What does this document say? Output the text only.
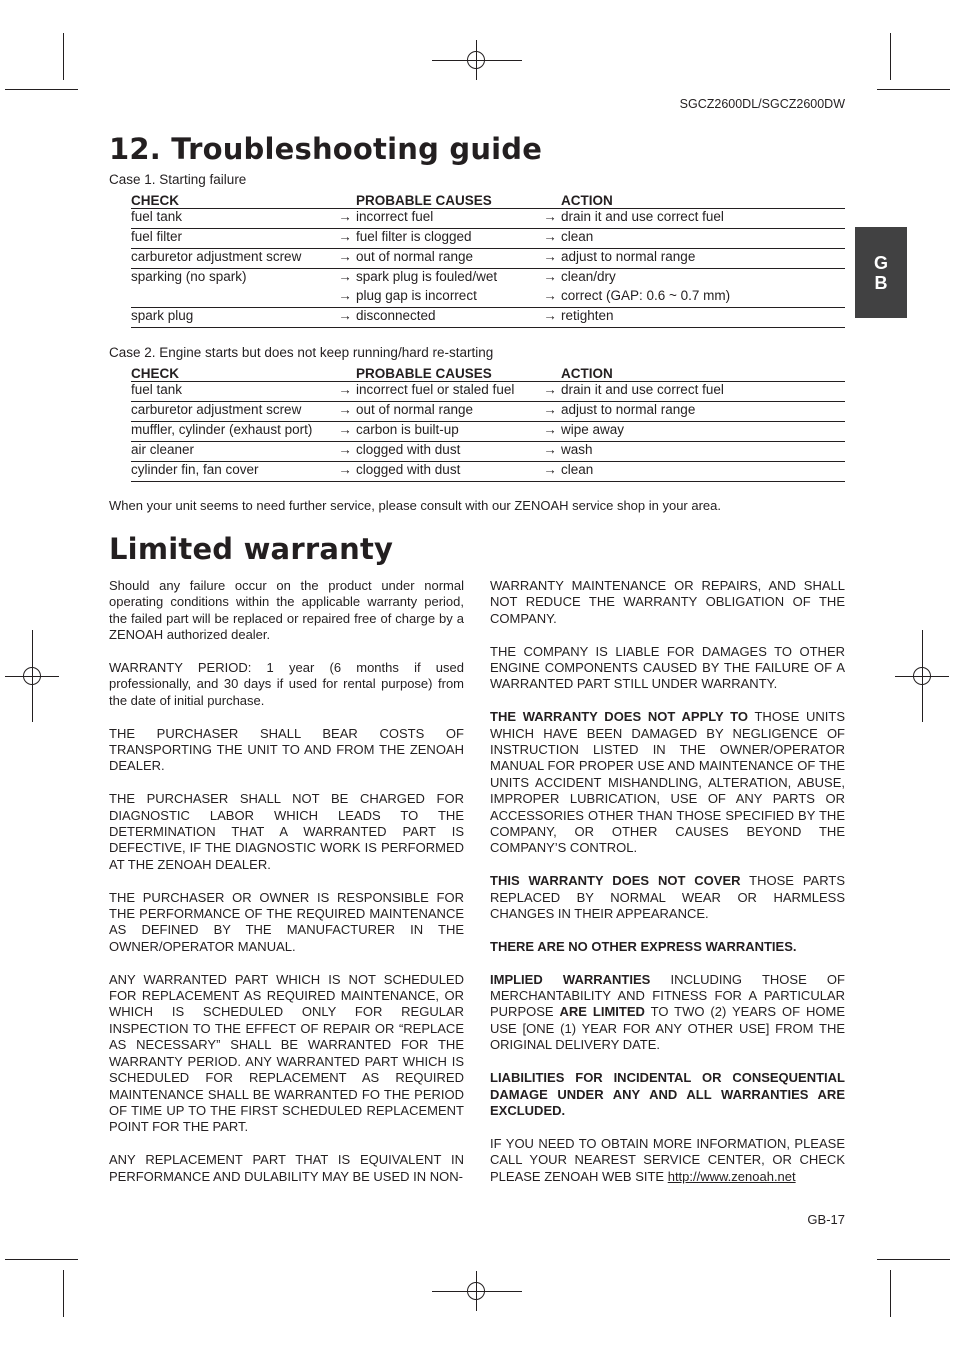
SGCZ2600DL/SGCZ2600DW
G
B
12. Troubleshooting guide
Case 1. Starting failure
CHECK	PROBABLE CAUSES	ACTION
fuel tank	→ incorrect fuel	→ drain it and use correct fuel
fuel filter	→ fuel filter is clogged	→ clean
carburetor adjustment screw	→ out of normal range	→ adjust to normal range
sparking (no spark)	→ spark plug is fouled/wet	→ clean/dry
	→ plug gap is incorrect	→ correct (GAP: 0.6 ~ 0.7 mm)
spark plug	→ disconnected	→ retighten
Case 2. Engine starts but does not keep running/hard re-starting
CHECK	PROBABLE CAUSES	ACTION
fuel tank	→ incorrect fuel or staled fuel	→ drain it and use correct fuel
carburetor adjustment screw	→ out of normal range	→ adjust to normal range
muffler, cylinder (exhaust port)	→ carbon is built-up	→ wipe away
air cleaner	→ clogged with dust	→ wash
cylinder fin, fan cover	→ clogged with dust	→ clean
When your unit seems to need further service, please consult with our ZENOAH service shop in your area.
Limited warranty

Should any failure occur on the product under normal operating conditions within the applicable warranty period, the failed part will be replaced or repaired free of charge by a ZENOAH authorized dealer.

WARRANTY PERIOD: 1 year (6 months if used professionally, and 30 days if used for rental purpose) from the date of initial purchase.

THE PURCHASER SHALL BEAR COSTS OF TRANSPORTING THE UNIT TO AND FROM THE ZENOAH DEALER.

THE PURCHASER SHALL NOT BE CHARGED FOR DIAGNOSTIC LABOR WHICH LEADS TO THE DETERMINATION THAT A WARRANTED PART IS DEFECTIVE, IF THE DIAGNOSTIC WORK IS PERFORMED AT THE ZENOAH DEALER.

THE PURCHASER OR OWNER IS RESPONSIBLE FOR THE PERFORMANCE OF THE REQUIRED MAINTENANCE AS DEFINED BY THE MANUFACTURER IN THE OWNER/OPERATOR MANUAL.

ANY WARRANTED PART WHICH IS NOT SCHEDULED FOR REPLACEMENT AS REQUIRED MAINTENANCE, OR WHICH IS SCHEDULED ONLY FOR REGULAR INSPECTION TO THE EFFECT OF REPAIR OR “REPLACE AS NECESSARY” SHALL BE WARRANTED FOR THE WARRANTY PERIOD. ANY WARRANTED PART WHICH IS SCHEDULED FOR REPLACEMENT AS REQUIRED MAINTENANCE SHALL BE WARRANTED FO THE PERIOD OF TIME UP TO THE FIRST SCHEDULED REPLACEMENT POINT FOR THE PART.

ANY REPLACEMENT PART THAT IS EQUIVALENT IN PERFORMANCE AND DULABILITY MAY BE USED IN NON-

WARRANTY MAINTENANCE OR REPAIRS, AND SHALL NOT REDUCE THE WARRANTY OBLIGATION OF THE COMPANY.

THE COMPANY IS LIABLE FOR DAMAGES TO OTHER ENGINE COMPONENTS CAUSED BY THE FAILURE OF A WARRANTED PART STILL UNDER WARRANTY.

THE WARRANTY DOES NOT APPLY TO THOSE UNITS WHICH HAVE BEEN DAMAGED BY NEGLIGENCE OF INSTRUCTION LISTED IN THE OWNER/OPERATOR MANUAL FOR PROPER USE AND MAINTENANCE OF THE UNITS ACCIDENT MISHANDLING, ALTERATION, ABUSE, IMPROPER LUBRICATION, USE OF ANY PARTS OR ACCESSORIES OTHER THAN THOSE SPECIFIED BY THE COMPANY, OR OTHER CAUSES BEYOND THE COMPANY’S CONTROL.

THIS WARRANTY DOES NOT COVER THOSE PARTS REPLACED BY NORMAL WEAR OR HARMLESS CHANGES IN THEIR APPEARANCE.

THERE ARE NO OTHER EXPRESS WARRANTIES.

IMPLIED WARRANTIES INCLUDING THOSE OF MERCHANTABILITY AND FITNESS FOR A PARTICULAR PURPOSE ARE LIMITED TO TWO (2) YEARS OF HOME USE [ONE (1) YEAR FOR ANY OTHER USE] FROM THE ORIGINAL DELIVERY DATE.

LIABILITIES FOR INCIDENTAL OR CONSEQUENTIAL DAMAGE UNDER ANY AND ALL WARRANTIES ARE EXCLUDED.

IF YOU NEED TO OBTAIN MORE INFORMATION, PLEASE CALL YOUR NEAREST SERVICE CENTER, OR CHECK PLEASE ZENOAH WEB SITE http://www.zenoah.net

GB-17
